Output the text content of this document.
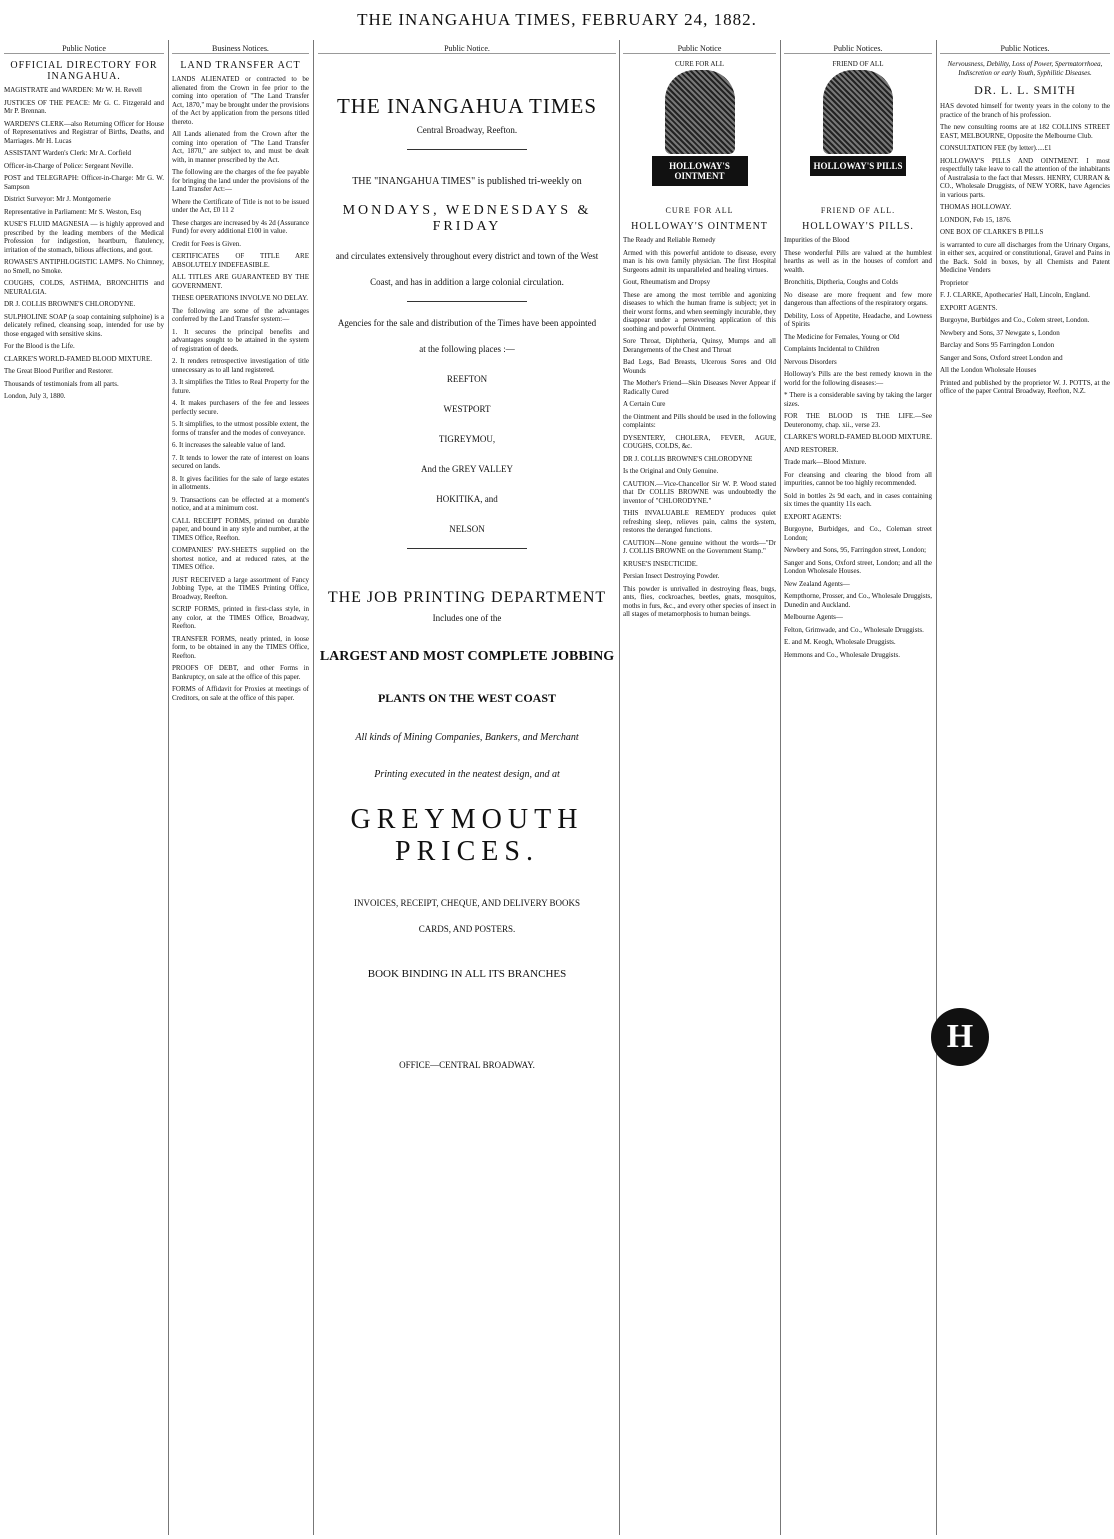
THE INANGAHUA TIMES, FEBRUARY 24, 1882.
Public Notice
OFFICIAL DIRECTORY FOR INANGAHUA.

MAGISTRATE and WARDEN: Mr W. H. Revell

JUSTICES OF THE PEACE: Mr G. C. Fitzgerald and Mr P. Brennan.

WARDEN'S CLERK—also Returning Officer for House of Representatives and Registrar of Births, Deaths, and Marriages. Mr H. Lucas

ASSISTANT Warden's Clerk: Mr A. Corfield

Officer-in-Charge of Police: Sergeant Neville.

POST and TELEGRAPH: Officer-in-Charge: Mr G. W. Sampson

District Surveyor: Mr J. Montgomerie

Representative in Parliament: Mr S. Weston, Esq

KUSE'S FLUID MAGNESIA — is highly approved and prescribed by the leading members of the Medical Profession for indigestion, heartburn, flatulency, irritation of the stomach, bilious affections, and gout.

ROWASE'S ANTIPHLOGISTIC LAMPS. No Chimney, no Smell, no Smoke.

COUGHS, COLDS, ASTHMA, BRONCHITIS and NEURALGIA.

DR J. COLLIS BROWNE'S CHLORODYNE.

SULPHOLINE SOAP (a soap containing sulphoine) is a delicately refined, cleansing soap, intended for use by those engaged with sensitive skins.

For the Blood is the Life.

CLARKE'S WORLD-FAMED BLOOD MIXTURE.

The Great Blood Purifier and Restorer.

Thousands of testimonials from all parts.

London, July 3, 1880.

Business Notices.
LAND TRANSFER ACT

LANDS ALIENATED or contracted to be alienated from the Crown in fee prior to the coming into operation of "The Land Transfer Act, 1870," may be brought under the provisions of the Act by application from the persons titled thereto.

All Lands alienated from the Crown after the coming into operation of "The Land Transfer Act, 1870," are subject to, and must be dealt with, in manner prescribed by the Act.

The following are the charges of the fee payable for bringing the land under the provisions of the Land Transfer Act:—

Where the Certificate of Title is not to be issued under the Act, £0 11 2

These charges are increased by 4s 2d (Assurance Fund) for every additional £100 in value.

Credit for Fees is Given.

CERTIFICATES OF TITLE ARE ABSOLUTELY INDEFEASIBLE.

ALL TITLES ARE GUARANTEED BY THE GOVERNMENT.

THESE OPERATIONS INVOLVE NO DELAY.

The following are some of the advantages conferred by the Land Transfer system:—

1. It secures the principal benefits and advantages sought to be attained in the system of registration of deeds.

2. It renders retrospective investigation of title unnecessary as to all land registered.

3. It simplifies the Titles to Real Property for the future.

4. It makes purchasers of the fee and lessees perfectly secure.

5. It simplifies, to the utmost possible extent, the forms of transfer and the modes of conveyance.

6. It increases the saleable value of land.

7. It tends to lower the rate of interest on loans secured on lands.

8. It gives facilities for the sale of large estates in allotments.

9. Transactions can be effected at a moment's notice, and at a minimum cost.

CALL RECEIPT FORMS, printed on durable paper, and bound in any style and number, at the TIMES Office, Reefton.

COMPANIES' PAY-SHEETS supplied on the shortest notice, and at reduced rates, at the TIMES Office.

JUST RECEIVED a large assortment of Fancy Jobbing Type, at the TIMES Printing Office, Broadway, Reefton.

SCRIP FORMS, printed in first-class style, in any color, at the TIMES Office, Broadway, Reefton.

TRANSFER FORMS, neatly printed, in loose form, to be obtained in any the TIMES Office, Reefton.

PROOFS OF DEBT, and other Forms in Bankruptcy, on sale at the office of this paper.

FORMS of Affidavit for Proxies at meetings of Creditors, on sale at the office of this paper.

Public Notice.
THE INANGAHUA TIMES
Central Broadway, Reefton.
THE "INANGAHUA TIMES" is published tri-weekly on
MONDAYS, WEDNESDAYS & FRIDAY
and circulates extensively throughout every district and town of the West
Coast, and has in addition a large colonial circulation.
Agencies for the sale and distribution of the Times have been appointed
at the following places :—
REEFTON
WESTPORT
TIGREYMOU,
And the GREY VALLEY
HOKITIKA, and
NELSON
THE JOB PRINTING DEPARTMENT
Includes one of the
LARGEST AND MOST COMPLETE JOBBING
PLANTS ON THE WEST COAST
All kinds of Mining Companies, Bankers, and Merchant
Printing executed in the neatest design, and at
GREYMOUTH PRICES.
INVOICES, RECEIPT, CHEQUE, AND DELIVERY BOOKS
CARDS, AND POSTERS.
BOOK BINDING IN ALL ITS BRANCHES
OFFICE—CENTRAL BROADWAY.
Public Notice
CURE FOR ALL
HOLLOWAY'S OINTMENT
CURE FOR ALL
HOLLOWAY'S OINTMENT

The Ready and Reliable Remedy

Armed with this powerful antidote to disease, every man is his own family physician. The first Hospital Surgeons admit its unparalleled and healing virtues.

Gout, Rheumatism and Dropsy

These are among the most terrible and agonizing diseases to which the human frame is subject; yet in their worst forms, and when seemingly incurable, they disappear under a persevering application of this soothing and powerful Ointment.

Sore Throat, Diphtheria, Quinsy, Mumps and all Derangements of the Chest and Throat

Bad Legs, Bad Breasts, Ulcerous Sores and Old Wounds

The Mother's Friend—Skin Diseases Never Appear if Radically Cured

A Certain Cure

the Ointment and Pills should be used in the following complaints:

DYSENTERY, CHOLERA, FEVER, AGUE, COUGHS, COLDS, &c.

DR J. COLLIS BROWNE'S CHLORODYNE

Is the Original and Only Genuine.

CAUTION.—Vice-Chancellor Sir W. P. Wood stated that Dr COLLIS BROWNE was undoubtedly the inventor of "CHLORODYNE."

THIS INVALUABLE REMEDY produces quiet refreshing sleep, relieves pain, calms the system, restores the deranged functions.

CAUTION—None genuine without the words—"Dr J. COLLIS BROWNE on the Government Stamp."

KRUSE'S INSECTICIDE.

Persian Insect Destroying Powder.

This powder is unrivalled in destroying fleas, bugs, ants, flies, cockroaches, beetles, gnats, mosquitos, moths in furs, &c., and every other species of insect in all stages of metamorphosis to human beings.

Public Notices.
FRIEND OF ALL
HOLLOWAY'S PILLS
FRIEND OF ALL.
HOLLOWAY'S PILLS.

Impurities of the Blood

These wonderful Pills are valued at the humblest hearths as well as in the houses of comfort and wealth.

Bronchitis, Diptheria, Coughs and Colds

No disease are more frequent and few more dangerous than affections of the respiratory organs.

Debility, Loss of Appetite, Headache, and Lowness of Spirits

The Medicine for Females, Young or Old

Complaints Incidental to Children

Nervous Disorders

Holloway's Pills are the best remedy known in the world for the following diseases:—

* There is a considerable saving by taking the larger sizes.

FOR THE BLOOD IS THE LIFE.—See Deuteronomy, chap. xii., verse 23.

CLARKE'S WORLD-FAMED BLOOD MIXTURE.

AND RESTORER.

Trade mark—Blood Mixture.

For cleansing and clearing the blood from all impurities, cannot be too highly recommended.

Sold in bottles 2s 9d each, and in cases containing six times the quantity 11s each.

EXPORT AGENTS:

Burgoyne, Burbidges, and Co., Coleman street London;

Newbery and Sons, 95, Farringdon street, London;

Sanger and Sons, Oxford street, London; and all the London Wholesale Houses.

New Zealand Agents—

Kempthorne, Prosser, and Co., Wholesale Druggists, Dunedin and Auckland.

Melbourne Agents—

Felton, Grimwade, and Co., Wholesale Druggists.

E. and M. Keogh, Wholesale Druggists.

Hemmons and Co., Wholesale Druggists.

Public Notices.
Nervousness, Debility, Loss of Power, Spermatorrhoea, Indiscretion or early Youth, Syphilitic Diseases.
DR. L. L. SMITH

HAS devoted himself for twenty years in the colony to the practice of the branch of his profession.

The new consulting rooms are at 182 COLLINS STREET EAST, MELBOURNE, Opposite the Melbourne Club.

CONSULTATION FEE (by letter).....£1

HOLLOWAY'S PILLS AND OINTMENT. I most respectfully take leave to call the attention of the inhabitants of Australasia to the fact that Messrs. HENRY, CURRAN & CO., Wholesale Druggists, of NEW YORK, have Agencies in various parts.

THOMAS HOLLOWAY.

LONDON, Feb 15, 1876.

ONE BOX OF CLARKE'S B PILLS

is warranted to cure all discharges from the Urinary Organs, in either sex, acquired or constitutional, Gravel and Pains in the Back. Sold in boxes, by all Chemists and Patent Medicine Venders

Proprietor

F. J. CLARKE, Apothecaries' Hall, Lincoln, England.

EXPORT AGENTS.

Burgoyne, Burbidges and Co., Colem street, London.

Newbery and Sons, 37 Newgate s, London

Barclay and Sons 95 Farringdon London

Sanger and Sons, Oxford street London and

All the London Wholesale Houses

Printed and published by the proprietor W. J. POTTS, at the office of the paper Central Broadway, Reefton, N.Z.

H
